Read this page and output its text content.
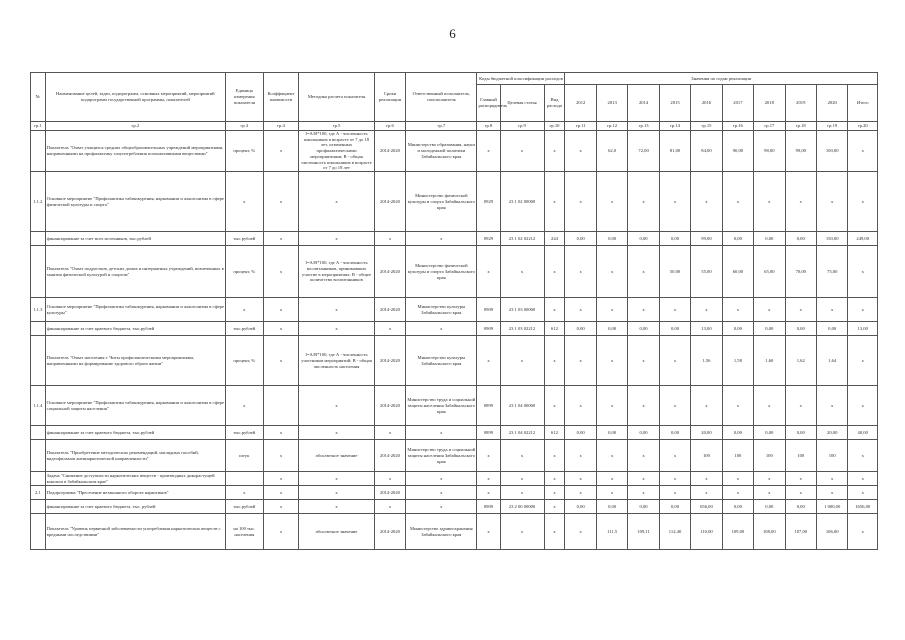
6
№	Наименование целей, задач, подпрограмм, основных мероприятий, мероприятий подпрограмм государственной программы, показателей	Единица измерения показателя	Коэффициент значимости	Методика расчета показателя	Сроки реализации	Ответственный исполнитель, соисполнитель	Коды бюджетной классификации расходов			Значения по годам реализации									
							Главный распорядитель	Целевая статья	Вид расхода	2012	2013	2014	2015	2016	2017	2018	2019	2020	Итого
гр.1	гр.2	гр.3	гр.4	гр.5	гр.6	гр.7	гр.8	гр.9	гр.10	гр.11	гр.12	гр.13	гр.14	гр.15	гр.16	гр.17	гр.18	гр.19	гр.20
	Показатель "Охват учащихся средних общеобразовательных учреждений мероприятиями, направленными на профилактику злоупотребления психоактивными веществами"	процент, %	x	I=A/B*100, где А - численность школьников в возрасте от 7 до 18 лет, охваченных профилактическими мероприятиями; В - общая численность школьников в возрасте от 7 до 18 лет	2014-2020	Министерство образования, науки и молодежной политики Забайкальского края	x	x	x	x	62,0	72,00	81,00	84,00	90,00	98,00	99,00	100,00	x
1.1.2	Основное мероприятие "Профилактика табакокурения, наркомании и алкоголизма в сфере физической культуры и спорта"	x	x	x	2014-2020	Министерство физической культуры и спорта Забайкальского края	0929	23 1 02 00000	x	x	x	x	x	x	x	x	x	x	x
	финансирование за счет всех источников, тыс.рублей	тыс.рублей	x	x	x	x	0929	23 1 02 02212	244	0,00	0,00	0,00	0,00	99,00	0,00	0,00	0,00	150,00	249,00
	Показатель "Охват подростков, детских домов и интернатных учреждений, вовлеченных в занятия физической культурой и спортом"	процент, %	x	I=A/B*100, где А - численность воспитанников, принимавших участие в мероприятиях; В - общее количество воспитанников	2014-2020	Министерство физической культуры и спорта Забайкальского края	x	x	x	x	x	x	50,00	55,00	60,00	65,00	70,00	75,00	x
1.1.3	Основное мероприятие "Профилактика табакокурения, наркомании и алкоголизма в сфере культуры"	x	x	x	2014-2020	Министерство культуры Забайкальского края	0909	23 1 03 00000	x	x	x	x	x	x	x	x	x	x	x
	финансирование за счет краевого бюджета, тыс.рублей	тыс.рублей	x	x	x	x	0909	23 1 03 02212	612	0,00	0,00	0,00	0,00	13,00	0,00	0,00	0,00	0,00	13,00
	Показатель "Охват населения г. Читы профилактическими мероприятиями, направленными на формирование здорового образа жизни"	процент, %	x	I=A/B*100, где А - численность участников мероприятий; В - общая численность населения	2014-2020	Министерство культуры Забайкальского края	x	x	x	x	x	x	x	1,56	1,58	1,60	1,62	1,64	x
1.1.4	Основное мероприятие "Профилактика табакокурения, наркомании и алкоголизма в сфере социальной защиты населения"	x		x	2014-2020	Министерство труда и социальной защиты населения Забайкальского края	0899	23 1 04 00000	x	x	x	x	x	x	x	x	x	x	x
	финансирование за счет краевого бюджета, тыс.рублей	тыс.рублей	x	x	x	x	0899	23 1 04 02212	612	0,00	0,00	0,00	0,00	20,00	0,00	0,00	0,00	20,00	40,00
	Показатель "Приобретение методических рекомендаций, наглядных пособий, видеофильмов антинаркотической направленности"	штук	x	абсолютное значение	2014-2020	Министерство труда и социальной защиты населения Забайкальского края	x	x	x	x	x	x	x	100	100	100	100	100	x
	Задача "Снижение доступности наркотических веществ - производных дикорастущей конопли в Забайкальском крае"		x	x	x	x	x	x	x	x	x	x	x	x	x	x	x	x	x
2.1	Подпрограмма "Пресечение незаконного оборота наркотиков"	x	x	x	2014-2020	x	x	x	x	x	x	x	x	x	x	x	x	x	x
	финансирование за счет краевого бюджета, тыс. рублей	тыс.рублей	x	x	x	x	0909	23 2 00 00000	x	0,00	0,00	0,00	0,00	656,00	0,00	0,00	0,00	1 000,00	1656,00
	Показатель "Уровень первичной заболеваемости употребления наркотических веществ с вредными последствиями"	на 100 тыс. населения	x	абсолютное значение	2014-2020	Министерство здравоохранения Забайкальского края	x	x	x	x	111,5	109,11	112,40	110,00	109,00	108,00	107,00	106,00	x
